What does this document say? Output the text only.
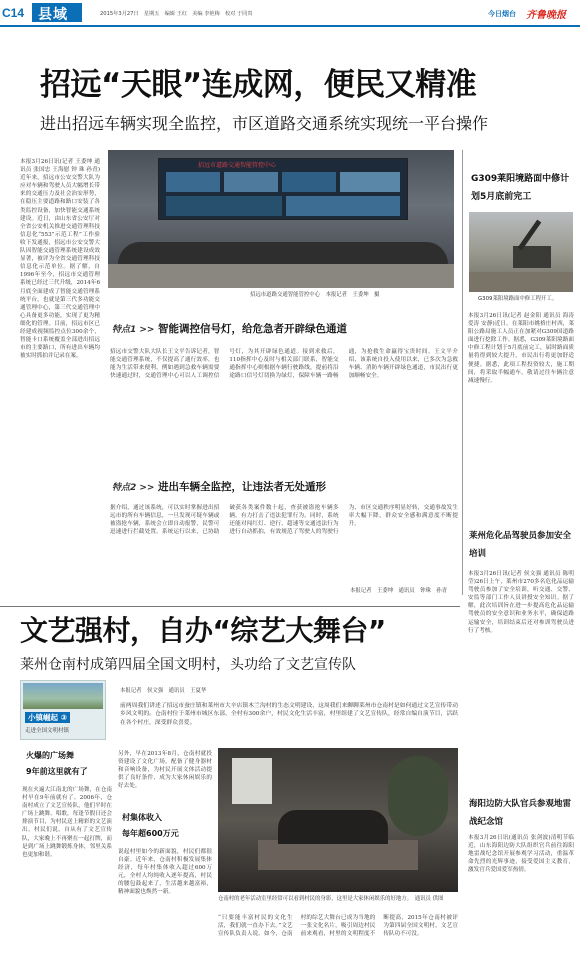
C14 县域	2015年3月27日　星期五　编辑 王红　美编 李艳梅　校对 于同贵	今日烟台 齐鲁晚报
招远“天眼”连成网，便民又精准
进出招远车辆实现全监控，市区道路交通系统实现统一平台操作
本报3月26日讯(记者 王委坤 通讯员 张国忠 王海慰 钟 珠 孙青)近年来，招远市公安交警大队为应对车辆和驾驶人员大幅增长带来的交通压力及社会治安形势，在稳压主要道路和路口安装了各类监控设备，加快智能交通系统建设。近日，由山东省公安厅对全省公安机关推进交通管理科技信息化“553”示范工程”工作验收下发通报，招远市公安交警大队因智能交通管理系统建设成效显著，被评为全省交通管理科技信息化示范单位。据了解，自1996年至今，招远市交通管理系统已经过三代升级，2014年6月底全面建成了智能交通管理系统平台，也就是第三代多功能交通管理中心，第三代交通管理中心具备更多功能，实现了更为精细化的管理。目前，招远市区已经建成视频监控点位300余个，智能卡口系统覆盖全部进出招远市的主要路口，所有进出车辆均被实时抓拍并记录在案。
招远市道路交通智能管控中心
招远市道路交通智能管控中心　本报记者　王委坤　摄
特点1 >> 智能调控信号灯，给危急者开辟绿色通道
招远市交警大队大队长王文平告诉记者，智能交通管理系统，不仅提高了通行效率，也能为生活带来便利，例如遇到急救车辆需要快速通过时，交通管理中心可以人工调控信号灯，为其开辟绿色通道。接到求救后，110指挥中心及时与相关部门联系，智能交通指挥中心则根据车辆行驶路线，提前将沿途路口信号灯切换为绿灯，保障车辆一路畅通，为抢救生命赢得宝贵时间。王文平介绍，该系统自投入使用以来，已多次为急救车辆、消防车辆开辟绿色通道，市民出行更加顺畅安全。
特点2 >> 进出车辆全监控，让违法者无处遁形
据介绍，通过该系统，可以实时掌握进出招远市的所有车辆信息，一旦发现可疑车辆或被盗抢车辆，系统会立即自动报警，民警可迅速进行拦截处置。系统运行以来，已协助破获各类案件数十起，查获被盗抢车辆多辆，有力打击了违法犯罪行为。同时，系统还能对闯红灯、逆行、超速等交通违法行为进行自动抓拍，有效规范了驾驶人的驾驶行为，市区交通秩序明显好转，交通事故发生率大幅下降，群众安全感和满意度不断提升。
本报记者　王委坤　通讯员　钟珠　孙青
G309莱阳境路面中修计划5月底前完工
G309莱阳境路面中修工程开工。
本报3月26日讯(记者 赵金阳 通讯员 海涛 爱涛 安静)近日，在莱阳市姚格庄村西，莱阳公路局施工人员正在加紧对G309国道路面进行挖除工作。据悉，G309莱阳境路面中修工程计划于5月底前完工，届时路面质量将得到较大提升，市民出行将更加舒适便捷。据悉，此项工程投资较大，施工期间，将采取半幅通车，敬请过往车辆注意减速慢行。
莱州危化品驾驶员参加安全培训
本报3月26日讯(记者 侯文强 通讯员 陈明莹)26日上午，莱州市270多名危化品运输驾驶员参加了安全培训，听交通、交警、安监等部门工作人员讲授安全知识。据了解，此次培训旨在进一步提高危化品运输驾驶员的安全意识和业务水平，确保道路运输安全，培训结束后还对参训驾驶员进行了考核。
海阳边防大队官兵参观地雷战纪念馆
本报3月26日讯(通讯员 张剑波)清明节临近，山东海阳边防大队组织官兵前往海阳地雷战纪念馆开展参观学习活动，重温革命先烈的光辉事迹，接受爱国主义教育，激发官兵爱国爱军热情。
文艺强村，自办“综艺大舞台”
莱州仓南村成第四届全国文明村，头功给了文艺宣传队
小镇崛起 ③
走进全国文明村镇
本报记者　侯文强　通讯员　王夏华
前两周我们讲述了招远市蚕庄镇和莱州市大辛店镇木兰沟村的生态文明建设，这周我们来聊聊莱州市仓南村是如何通过文艺宣传带动乡风文明的。仓南村位于莱州市城区东部，全村有300余户，村民文化生活丰富，村里组建了文艺宣传队，经常自编自演节目，活跃在各个村庄，深受群众喜爱。
火爆的广场舞
9年前这里就有了
现在火遍大江南北的广场舞，在仓南村早在9年前就有了。2006年，仓南村成立了文艺宣传队，他们平时在广场上跳舞、唱歌，每逢节假日还会排演节目，为村民送上精彩的文艺演出。村民们说，自从有了文艺宣传队，大家晚上不再聚在一起打牌，而是到广场上跳舞锻炼身体，邻里关系也更加和谐。
另外，早在2013年8月，仓南村就投资建设了文化广场，配备了健身器材和音响设备，为村民开展文体活动提供了良好条件，成为大家休闲娱乐的好去处。
村集体收入
每年超600万元
说起村里如今的新面貌，村民们都很自豪。近年来，仓南村积极发展集体经济，每年村集体收入超过600万元，全村人均纯收入逐年提高，村民的腰包鼓起来了，生活越来越富裕，精神面貌也焕然一新。
仓南村的老年活动室里经常可以看到村民的身影，这里是大家休闲娱乐的好地方。　通讯员 供图
“只要能丰富村民的文化生活，我们就一直办下去。”文艺宣传队负责人说。如今，仓南村的综艺大舞台已成为当地的一张文化名片，吸引周边村民前来观看，村里的文明程度不断提高，2015年仓南村被评为第四届全国文明村，文艺宣传队功不可没。
